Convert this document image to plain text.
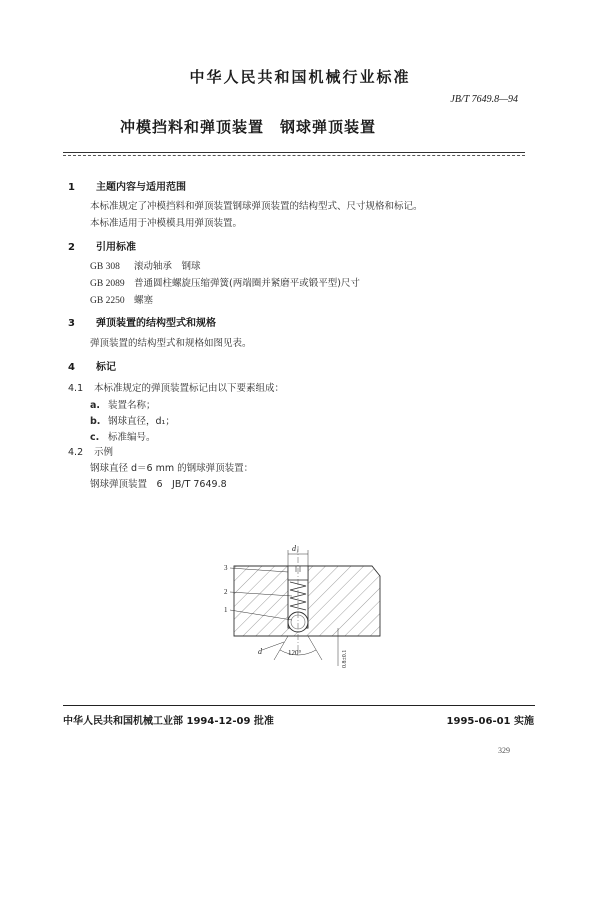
中华人民共和国机械行业标准
JB/T 7649.8—94
冲模挡料和弹顶装置　钢球弹顶装置
1 主题内容与适用范围
本标准规定了冲模挡料和弹顶装置钢球弹顶装置的结构型式、尺寸规格和标记。
本标准适用于冲模模具用弹顶装置。
2 引用标准
GB 308 滚动轴承　钢球
GB 2089 普通圆柱螺旋压缩弹簧(两端圈并紧磨平或锻平型)尺寸
GB 2250 螺塞
3 弹顶装置的结构型式和规格
弹顶装置的结构型式和规格如图见表。
4 标记
4.1 本标准规定的弹顶装置标记由以下要素组成：
a. 装置名称；
b. 钢球直径，d₁；
c. 标准编号。
4.2 示例
钢球直径 d＝6 mm 的钢球弹顶装置：
钢球弹顶装置　6　JB/T 7649.8
d₁
3
2
1
120°
d	0.8±0.1
中华人民共和国机械工业部 1994-12-09 批准	1995-06-01 实施
329
